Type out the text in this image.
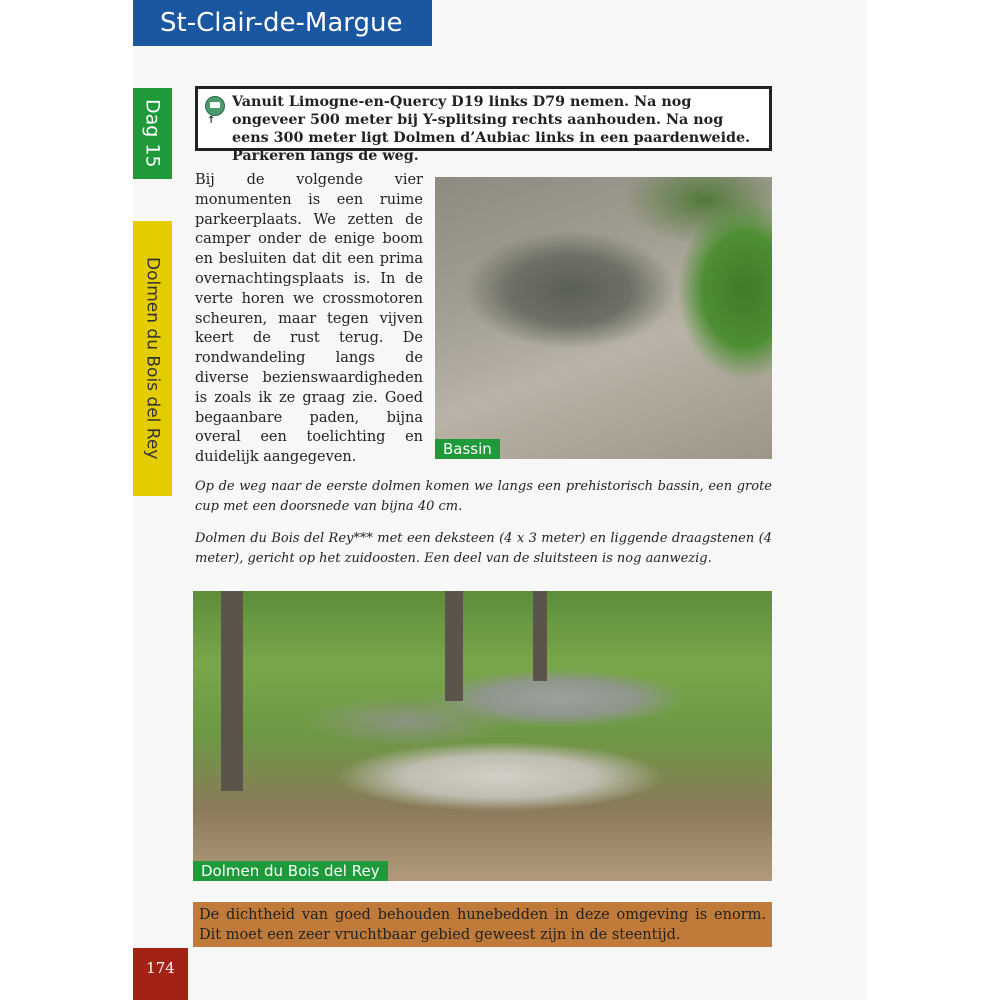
St-Clair-de-Margue
Dag 15
Dolmen du Bois del Rey
↑
Vanuit Limogne-en-Quercy D19 links D79 nemen. Na nog ongeveer 500 meter bij Y-splitsing rechts aanhouden. Na nog eens 300 meter ligt Dolmen d’Aubiac links in een paardenweide. Parkeren langs de weg.

Bij de volgende vier monumenten is een ruime parkeerplaats. We zetten de camper onder de enige boom en besluiten dat dit een prima overnachtingsplaats is. In de verte horen we crossmotoren scheuren, maar tegen vijven keert de rust terug. De rondwandeling langs de diverse bezienswaardigheden is zoals ik ze graag zie. Goed begaanbare paden, bijna overal een toelichting en duidelijk aangegeven.	Bassin

Op de weg naar de eerste dolmen komen we langs een prehistorisch bassin, een grote cup met een doorsnede van bijna 40 cm.

Dolmen du Bois del Rey*** met een deksteen (4 x 3 meter) en liggende draagstenen (4 meter), gericht op het zuidoosten. Een deel van de sluitsteen is nog aanwezig.

Dolmen du Bois del Rey

De dichtheid van goed behouden hunebedden in deze omgeving is enorm. Dit moet een zeer vruchtbaar gebied geweest zijn in de steentijd.

174
